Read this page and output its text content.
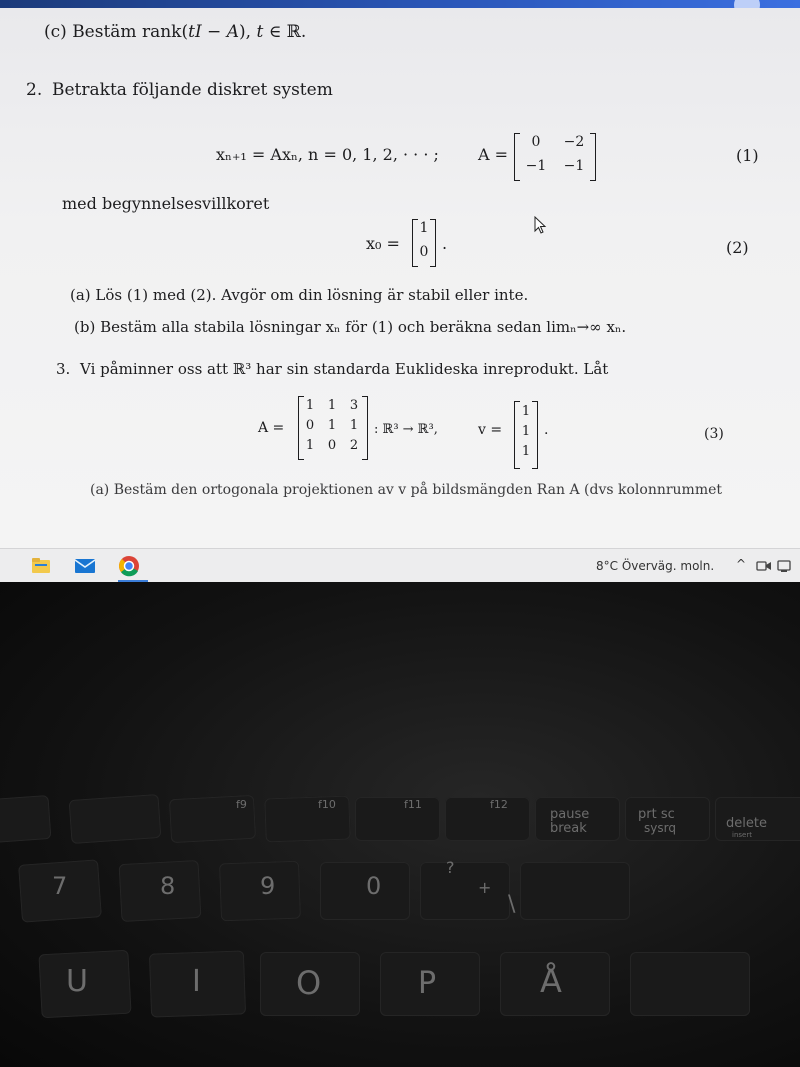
(c) Bestäm rank(tI − A), t ∈ ℝ.
2. Betrakta följande diskret system
xₙ₊₁ = Axₙ, n = 0, 1, 2, · · · ; A =
0	−2
−1 −1
(1)
med begynnelsesvillkoret
x₀ =
1
0 .	(2)
(a) Lös (1) med (2). Avgör om din lösning är stabil eller inte.
(b) Bestäm alla stabila lösningar xₙ för (1) och beräkna sedan limₙ→∞ xₙ.
3. Vi påminner oss att ℝ³ har sin standarda Euklideska inreprodukt. Låt
A =
1	1	3
0	1	1
1	0	2
: ℝ³ → ℝ³,	v =
1
1
1
.	(3)
(a) Bestäm den ortogonala projektionen av v på bildsmängden Ran A (dvs kolonnrummet
8°C Överväg. moln. ^
f9	f10	f11	f12
pause
break
prt sc
sysrq	delete
insert
7	8	9	0
?
+
\
U	I	O	P	Å
